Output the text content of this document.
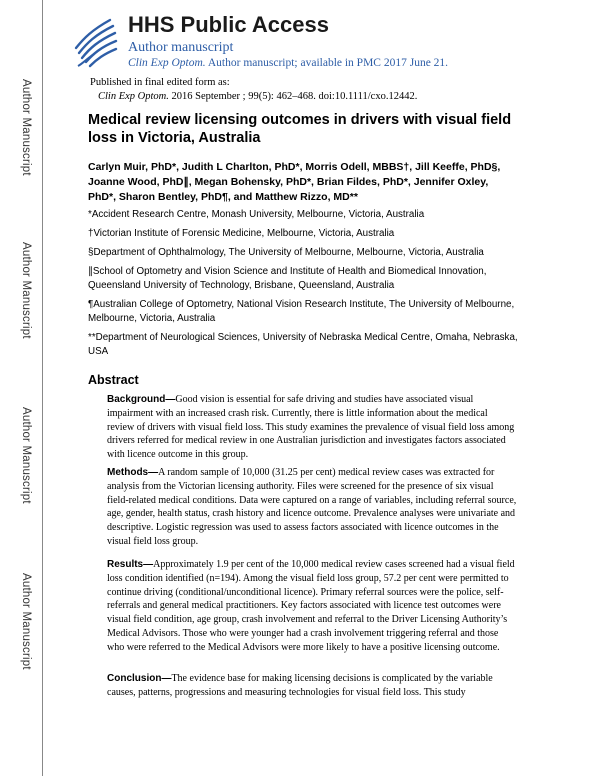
Author Manuscript
Author Manuscript
Author Manuscript
Author Manuscript
HHS Public Access
Author manuscript
Clin Exp Optom. Author manuscript; available in PMC 2017 June 21.
Published in final edited form as:
Clin Exp Optom. 2016 September ; 99(5): 462–468. doi:10.1111/cxo.12442.
Medical review licensing outcomes in drivers with visual field loss in Victoria, Australia
Carlyn Muir, PhD*, Judith L Charlton, PhD*, Morris Odell, MBBS†, Jill Keeffe, PhD§, Joanne Wood, PhD∥, Megan Bohensky, PhD*, Brian Fildes, PhD*, Jennifer Oxley, PhD*, Sharon Bentley, PhD¶, and Matthew Rizzo, MD**
*Accident Research Centre, Monash University, Melbourne, Victoria, Australia
†Victorian Institute of Forensic Medicine, Melbourne, Victoria, Australia
§Department of Ophthalmology, The University of Melbourne, Melbourne, Victoria, Australia
∥School of Optometry and Vision Science and Institute of Health and Biomedical Innovation, Queensland University of Technology, Brisbane, Queensland, Australia
¶Australian College of Optometry, National Vision Research Institute, The University of Melbourne, Melbourne, Victoria, Australia
**Department of Neurological Sciences, University of Nebraska Medical Centre, Omaha, Nebraska, USA
Abstract
Background—Good vision is essential for safe driving and studies have associated visual impairment with an increased crash risk. Currently, there is little information about the medical review of drivers with visual field loss. This study examines the prevalence of visual field loss among drivers referred for medical review in one Australian jurisdiction and investigates factors associated with licence outcome in this group.
Methods—A random sample of 10,000 (31.25 per cent) medical review cases was extracted for analysis from the Victorian licensing authority. Files were screened for the presence of six visual field-related medical conditions. Data were captured on a range of variables, including referral source, age, gender, health status, crash history and licence outcome. Prevalence analyses were univariate and descriptive. Logistic regression was used to assess factors associated with licence outcomes in the visual field loss group.
Results—Approximately 1.9 per cent of the 10,000 medical review cases screened had a visual field loss condition identified (n=194). Among the visual field loss group, 57.2 per cent were permitted to continue driving (conditional/unconditional licence). Primary referral sources were the police, self-referrals and general medical practitioners. Key factors associated with licence test outcomes were visual field condition, age group, crash involvement and referral to the Driver Licensing Authority’s Medical Advisors. Those who were younger had a crash involvement triggering referral and those who were referred to the Medical Advisors were more likely to have a positive licensing outcome.
Conclusion—The evidence base for making licensing decisions is complicated by the variable causes, patterns, progressions and measuring technologies for visual field loss. This study
